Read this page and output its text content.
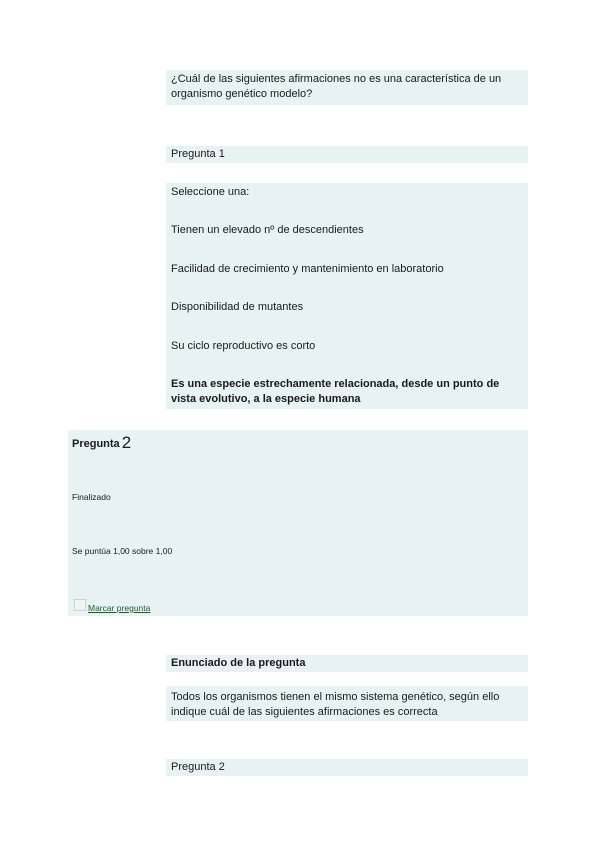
¿Cuál de las siguientes afirmaciones no es una característica de un organismo genético modelo?
Pregunta 1
Seleccione una:
Tienen un elevado nº de descendientes
Facilidad de crecimiento y mantenimiento en laboratorio
Disponibilidad de mutantes
Su ciclo reproductivo es corto
Es una especie estrechamente relacionada, desde un punto de vista evolutivo, a la especie humana
Pregunta 2
Finalizado
Se puntúa 1,00 sobre 1,00
Marcar pregunta
Enunciado de la pregunta
Todos los organismos tienen el mismo sistema genético, según ello indique cuál de las siguientes afirmaciones es correcta
Pregunta 2
